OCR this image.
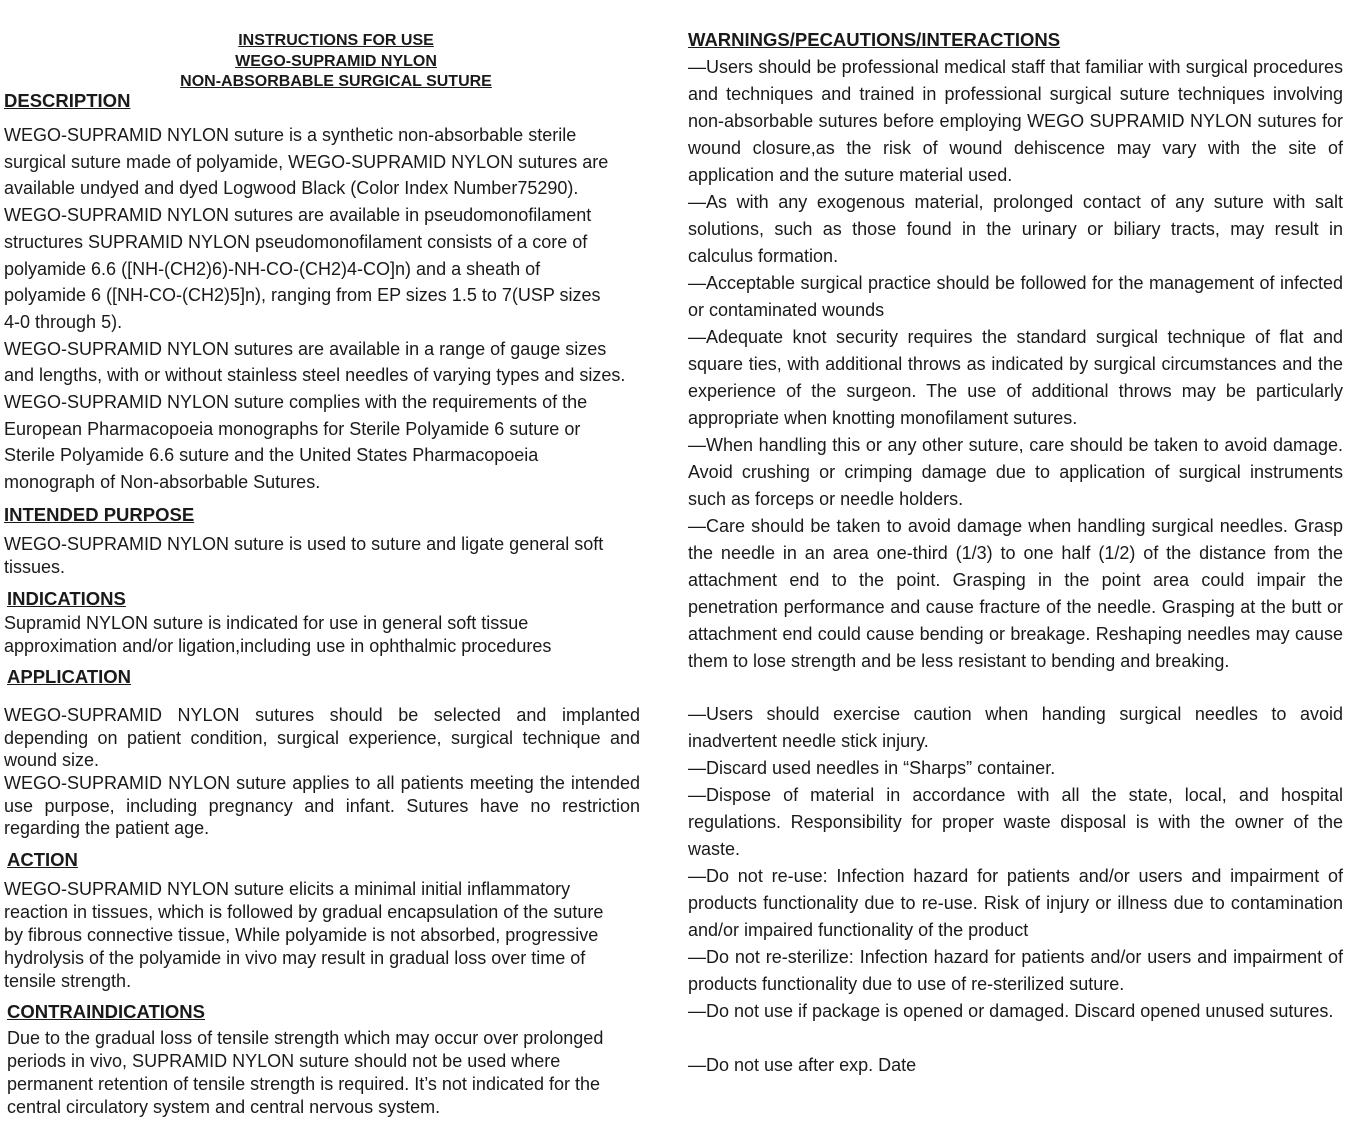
INSTRUCTIONS FOR USE
WEGO-SUPRAMID NYLON
NON-ABSORBABLE SURGICAL SUTURE
DESCRIPTION
WEGO-SUPRAMID NYLON suture is a synthetic non-absorbable sterile
surgical suture made of polyamide, WEGO-SUPRAMID NYLON sutures are
available undyed and dyed Logwood Black (Color Index Number75290).
WEGO-SUPRAMID NYLON sutures are available in pseudomonofilament
structures SUPRAMID NYLON pseudomonofilament consists of a core of
polyamide 6.6 ([NH-(CH2)6)-NH-CO-(CH2)4-CO]n) and a sheath of
polyamide 6 ([NH-CO-(CH2)5]n), ranging from EP sizes 1.5 to 7(USP sizes
4-0 through 5).
WEGO-SUPRAMID NYLON sutures are available in a range of gauge sizes
and lengths, with or without stainless steel needles of varying types and sizes.
WEGO-SUPRAMID NYLON suture complies with the requirements of the
European Pharmacopoeia monographs for Sterile Polyamide 6 suture or
Sterile Polyamide 6.6 suture and the United States Pharmacopoeia
monograph of Non-absorbable Sutures.
INTENDED PURPOSE
WEGO-SUPRAMID NYLON suture is used to suture and ligate general soft
tissues.
INDICATIONS
Supramid NYLON suture is indicated for use in general soft tissue
approximation and/or ligation,including use in ophthalmic procedures
APPLICATION
WEGO-SUPRAMID NYLON sutures should be selected and implanted depending on patient condition, surgical experience, surgical technique and wound size.
WEGO-SUPRAMID NYLON suture applies to all patients meeting the intended use purpose, including pregnancy and infant. Sutures have no restriction regarding the patient age.
ACTION
WEGO-SUPRAMID NYLON suture elicits a minimal initial inflammatory
reaction in tissues, which is followed by gradual encapsulation of the suture
by fibrous connective tissue, While polyamide is not absorbed, progressive
hydrolysis of the polyamide in vivo may result in gradual loss over time of
tensile strength.
CONTRAINDICATIONS
Due to the gradual loss of tensile strength which may occur over prolonged
periods in vivo, SUPRAMID NYLON suture should not be used where
permanent retention of tensile strength is required. It’s not indicated for the
central circulatory system and central nervous system.
WARNINGS/PECAUTIONS/INTERACTIONS
—Users should be professional medical staff that familiar with surgical procedures and techniques and trained in professional surgical suture techniques involving non-absorbable sutures before employing WEGO SUPRAMID NYLON sutures for wound closure,as the risk of wound dehiscence may vary with the site of application and the suture material used.
—As with any exogenous material, prolonged contact of any suture with salt solutions, such as those found in the urinary or biliary tracts, may result in calculus formation.
—Acceptable surgical practice should be followed for the management of infected or contaminated wounds
—Adequate knot security requires the standard surgical technique of flat and square ties, with additional throws as indicated by surgical circumstances and the experience of the surgeon. The use of additional throws may be particularly appropriate when knotting monofilament sutures.
—When handling this or any other suture, care should be taken to avoid damage. Avoid crushing or crimping damage due to application of surgical instruments such as forceps or needle holders.
—Care should be taken to avoid damage when handling surgical needles. Grasp the needle in an area one-third (1/3) to one half (1/2) of the distance from the attachment end to the point. Grasping in the point area could impair the penetration performance and cause fracture of the needle. Grasping at the butt or attachment end could cause bending or breakage. Reshaping needles may cause them to lose strength and be less resistant to bending and breaking.
—Users should exercise caution when handing surgical needles to avoid inadvertent needle stick injury.
—Discard used needles in “Sharps” container.
—Dispose of material in accordance with all the state, local, and hospital regulations. Responsibility for proper waste disposal is with the owner of the waste.
—Do not re-use: Infection hazard for patients and/or users and impairment of products functionality due to re-use. Risk of injury or illness due to contamination and/or impaired functionality of the product
—Do not re-sterilize: Infection hazard for patients and/or users and impairment of products functionality due to use of re-sterilized suture.
—Do not use if package is opened or damaged. Discard opened unused sutures.
—Do not use after exp. Date
